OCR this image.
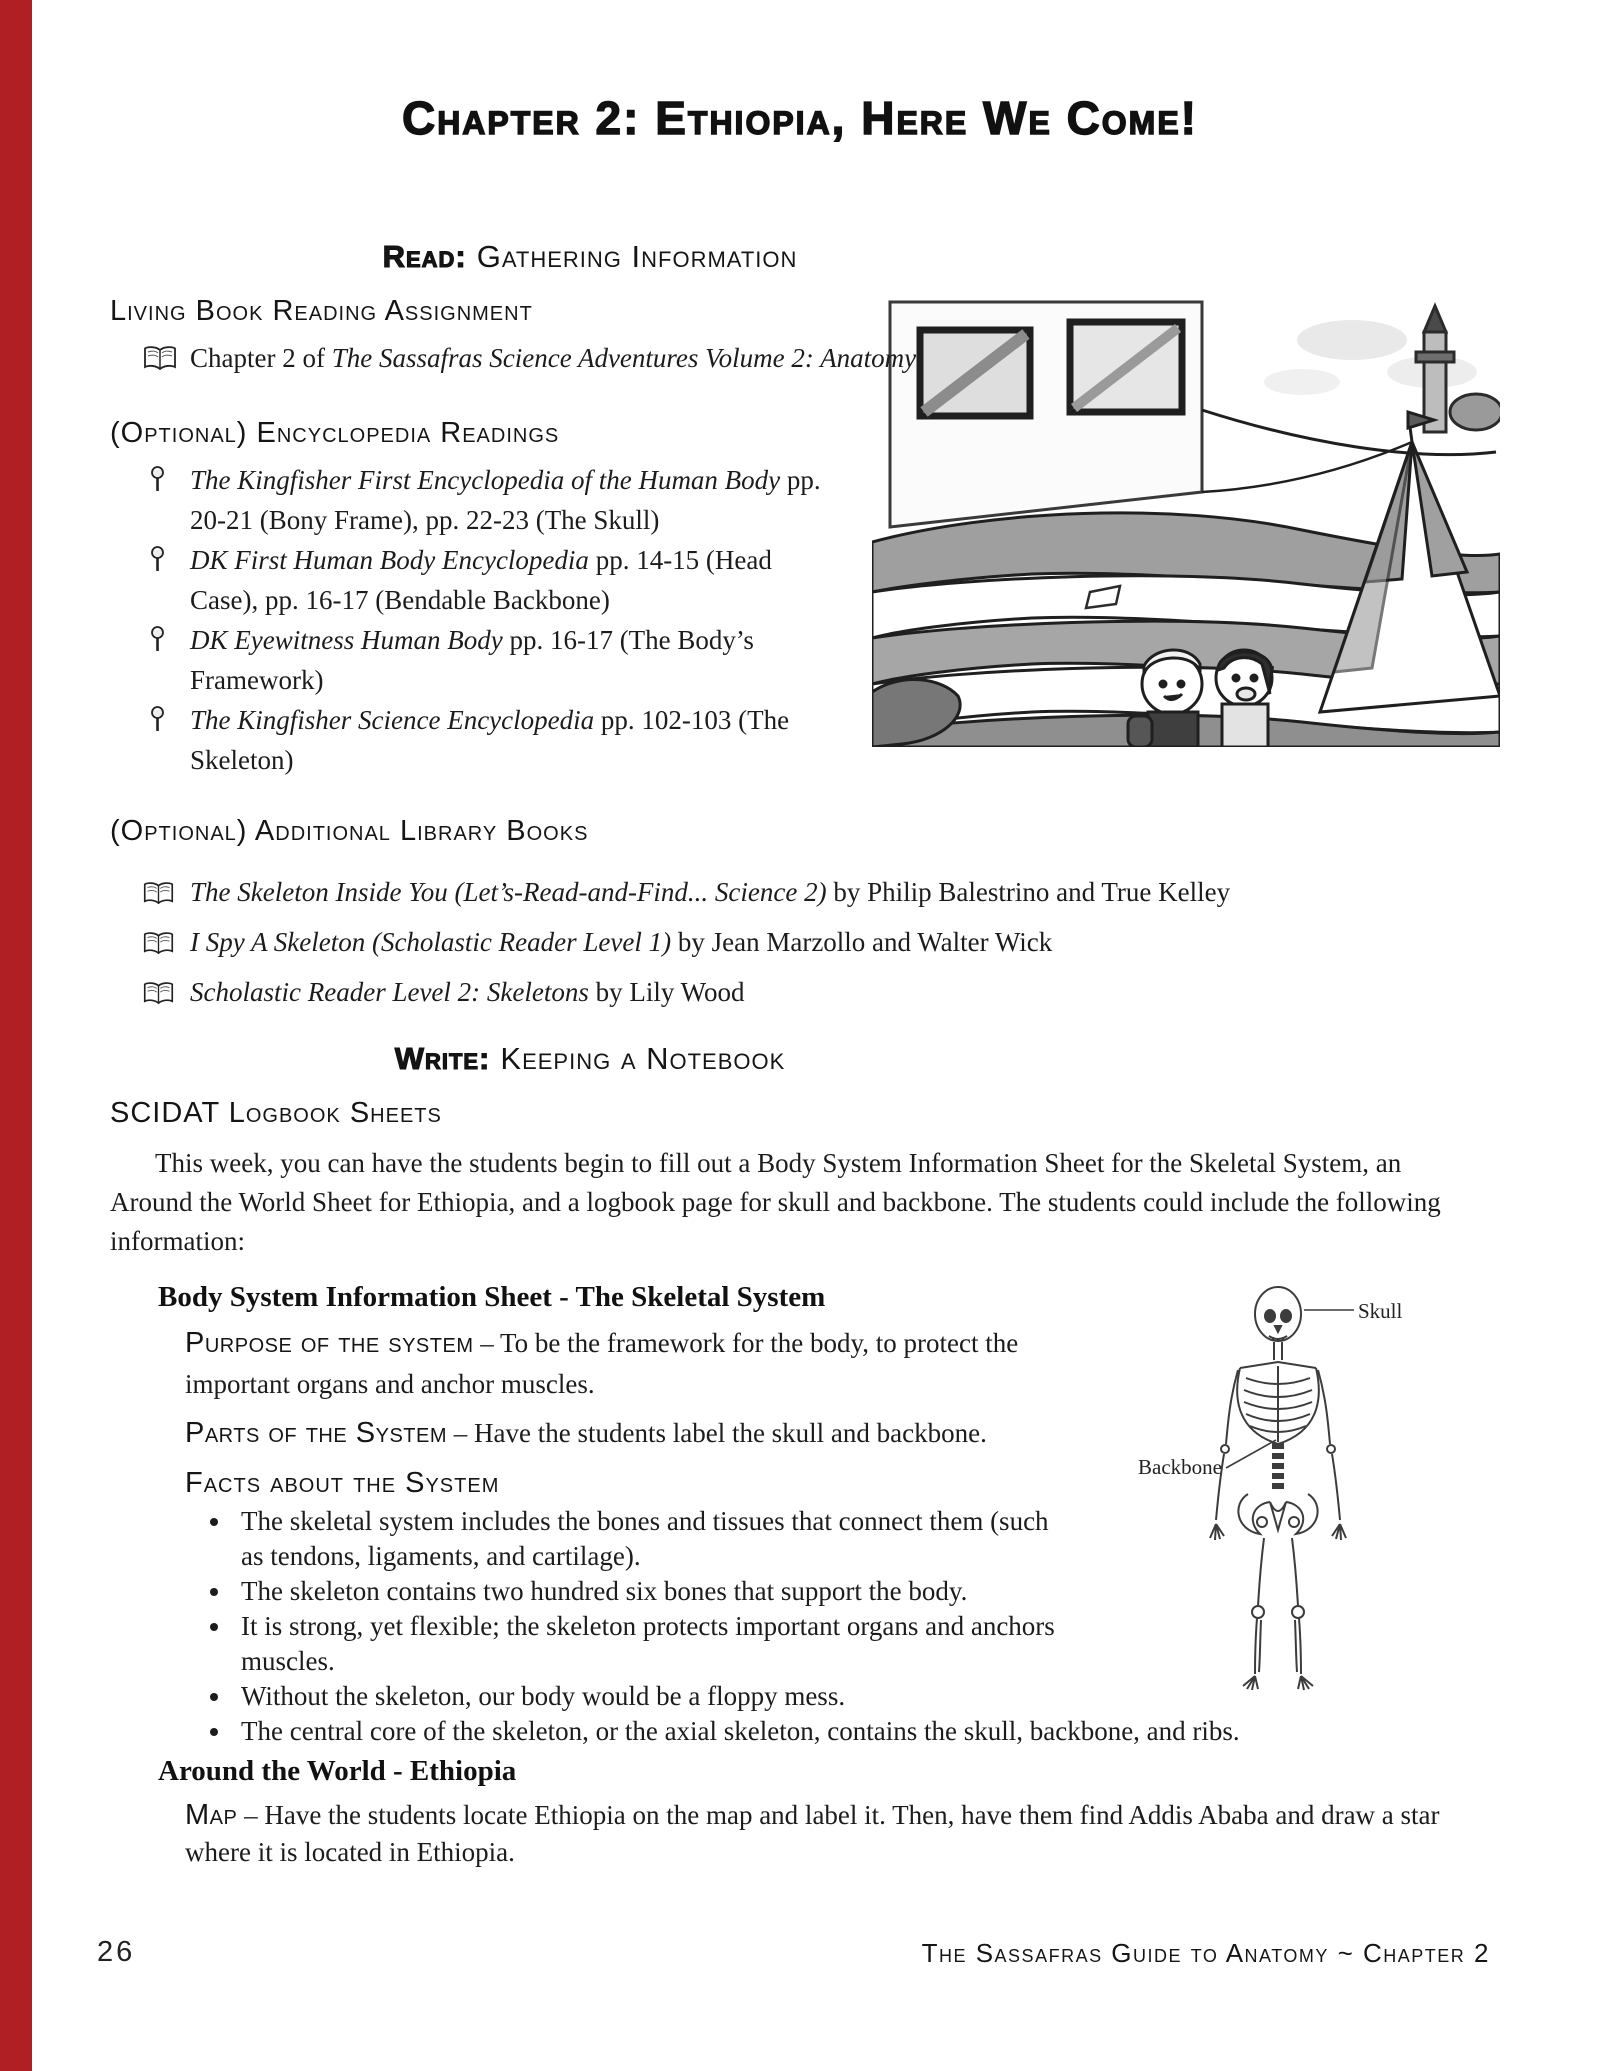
Skull
Backbone
Chapter 2: Ethiopia, Here We Come!
Read: Gathering Information
Living Book Reading Assignment
Chapter 2 of The Sassafras Science Adventures Volume 2: Anatomy
(Optional) Encyclopedia Readings
The Kingfisher First Encyclopedia of the Human Body pp. 20-21 (Bony Frame), pp. 22-23 (The Skull)
DK First Human Body Encyclopedia pp. 14-15 (Head Case), pp. 16-17 (Bendable Backbone)
DK Eyewitness Human Body pp. 16-17 (The Body’s Framework)
The Kingfisher Science Encyclopedia pp. 102-103 (The Skeleton)
(Optional) Additional Library Books
The Skeleton Inside You (Let’s-Read-and-Find... Science 2) by Philip Balestrino and True Kelley
I Spy A Skeleton (Scholastic Reader Level 1) by Jean Marzollo and Walter Wick
Scholastic Reader Level 2: Skeletons by Lily Wood
Write: Keeping a Notebook
SCIDAT Logbook Sheets

This week, you can have the students begin to fill out a Body System Information Sheet for the Skeletal System, an Around the World Sheet for Ethiopia, and a logbook page for skull and backbone. The students could include the following information:

Body System Information Sheet - The Skeletal System

Purpose of the system – To be the framework for the body, to protect the important organs and anchor muscles.

Parts of the System – Have the students label the skull and backbone.

Facts about the System
• The skeletal system includes the bones and tissues that connect them (such as tendons, ligaments, and cartilage).
• The skeleton contains two hundred six bones that support the body.
• It is strong, yet flexible; the skeleton protects important organs and anchors muscles.
• Without the skeleton, our body would be a floppy mess.
• The central core of the skeleton, or the axial skeleton, contains the skull, backbone, and ribs.
Around the World - Ethiopia

Map – Have the students locate Ethiopia on the map and label it. Then, have them find Addis Ababa and draw a star where it is located in Ethiopia.

26	The Sassafras Guide to Anatomy ~ Chapter 2
